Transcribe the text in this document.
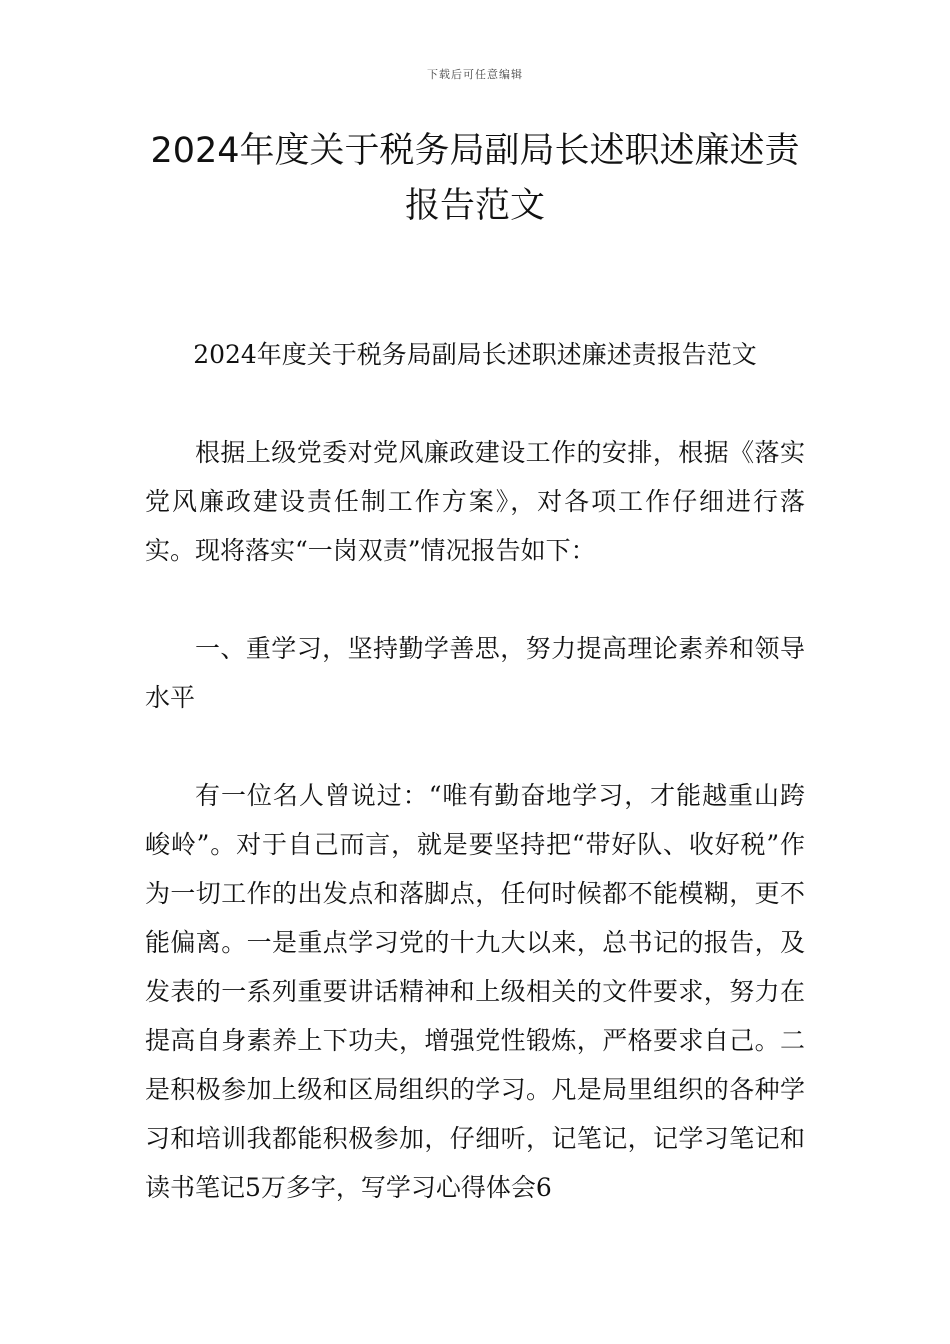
下载后可任意编辑
2024年度关于税务局副局长述职述廉述责报告范文

2024年度关于税务局副局长述职述廉述责报告范文

根据上级党委对党风廉政建设工作的安排，根据《落实党风廉政建设责任制工作方案》，对各项工作仔细进行落实。现将落实“一岗双责”情况报告如下：

一、重学习，坚持勤学善思，努力提高理论素养和领导水平

有一位名人曾说过：“唯有勤奋地学习，才能越重山跨峻岭”。对于自己而言，就是要坚持把“带好队、收好税”作为一切工作的出发点和落脚点，任何时候都不能模糊，更不能偏离。一是重点学习党的十九大以来，总书记的报告，及发表的一系列重要讲话精神和上级相关的文件要求，努力在提高自身素养上下功夫，增强党性锻炼，严格要求自己。二是积极参加上级和区局组织的学习。凡是局里组织的各种学习和培训我都能积极参加，仔细听，记笔记，记学习笔记和读书笔记5万多字，写学习心得体会6
